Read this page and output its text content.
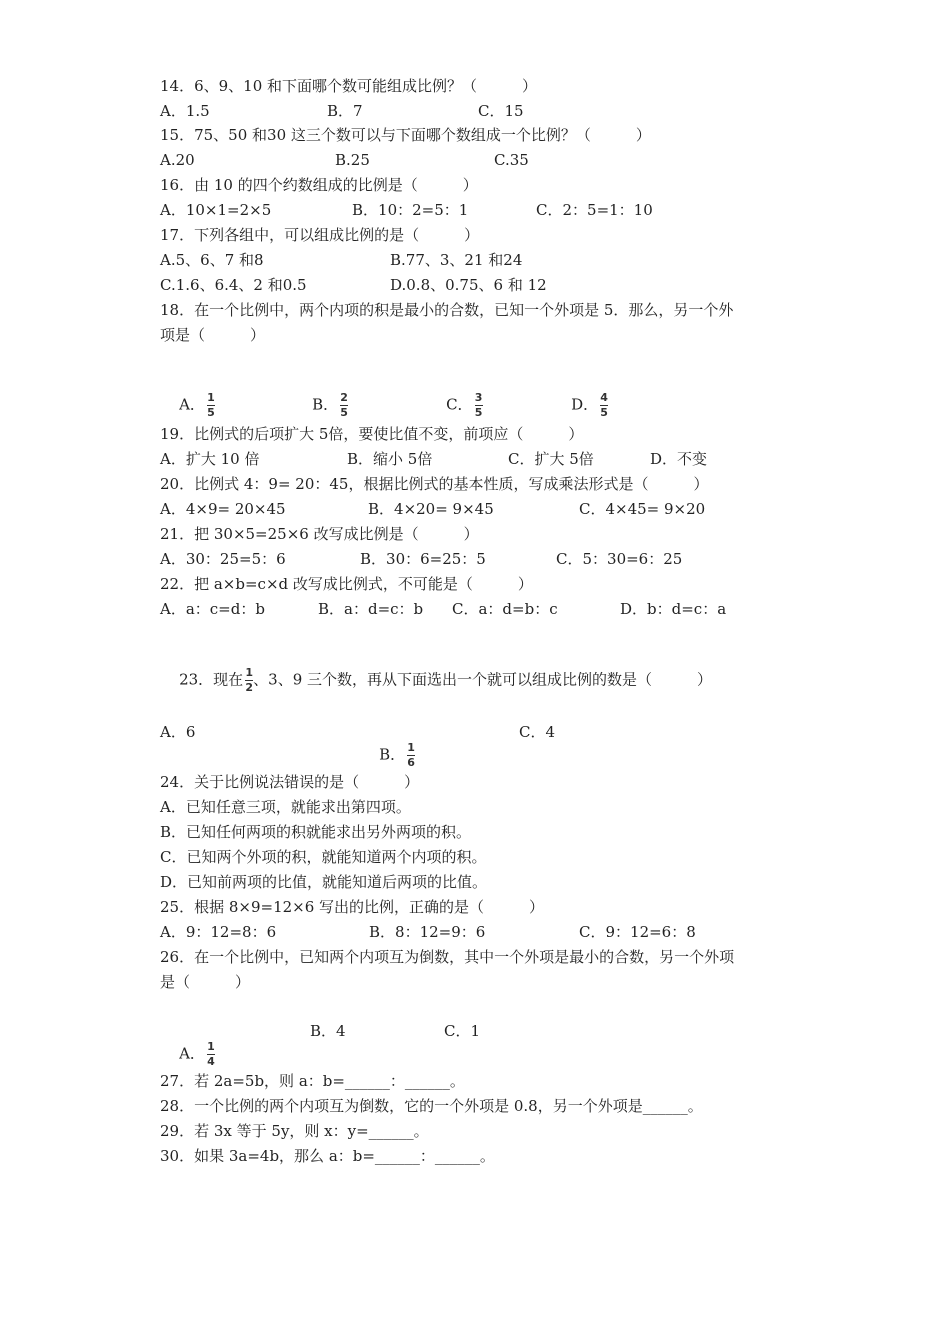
14．6、9、10 和下面哪个数可能组成比例？（　　　）
A．1.5	B．7	C．15
15．75、50 和30 这三个数可以与下面哪个数组成一个比例？（　　　）
A.20	B.25	C.35
16．由 10 的四个约数组成的比例是（　　　）
A．10×1=2×5	B．10：2=5：1	C．2：5=1：10
17．下列各组中，可以组成比例的是（　　　）
A.5、6、7 和8	B.77、3、21 和24
C.1.6、6.4、2 和0.5	D.0.8、0.75、6 和 12
18．在一个比例中，两个内项的积是最小的合数，已知一个外项是 5．那么，另一个外
项是（　　　）

A． $\frac{1}{5}$

	B． $\frac{2}{5}$

	C． $\frac{3}{5}$

	D． $\frac{4}{5}$

19．比例式的后项扩大 5倍，要使比值不变，前项应（　　　）
A．扩大 10 倍	B．缩小 5倍	C．扩大 5倍	D．不变
20．比例式 4：9= 20：45，根据比例式的基本性质，写成乘法形式是（　　　）
A．4×9= 20×45	B．4×20= 9×45	C．4×45= 9×20
21．把 30×5=25×6 改写成比例是（　　　）
A．30：25=5：6	B．30：6=25：5	C．5：30=6：25
22．把 a×b=c×d 改写成比例式，不可能是（　　　）
A．a：c=d：b	B．a：d=c：b C．a：d=b：c	D．b：d=c：a

23．现在 $\frac{1}{2}$ 、3、9 三个数，再从下面选出一个就可以组成比例的数是（　　　）

A．6

B． $\frac{1}{6}$

C．4
24．关于比例说法错误的是（　　　）
A．已知任意三项，就能求出第四项。
B．已知任何两项的积就能求出另外两项的积。
C．已知两个外项的积，就能知道两个内项的积。
D．已知前两项的比值，就能知道后两项的比值。
25．根据 8×9=12×6 写出的比例，正确的是（　　　）
A．9：12=8：6	B．8：12=9：6	C．9：12=6：8
26．在一个比例中，已知两个内项互为倒数，其中一个外项是最小的合数，另一个外项
是（　　　）

A． $\frac{1}{4}$

B．4	C．1
27．若 2a=5b，则 a：b=______：______。
28．一个比例的两个内项互为倒数，它的一个外项是 0.8，另一个外项是______。
29．若 3x 等于 5y，则 x：y=______。
30．如果 3a=4b，那么 a：b=______：______。
